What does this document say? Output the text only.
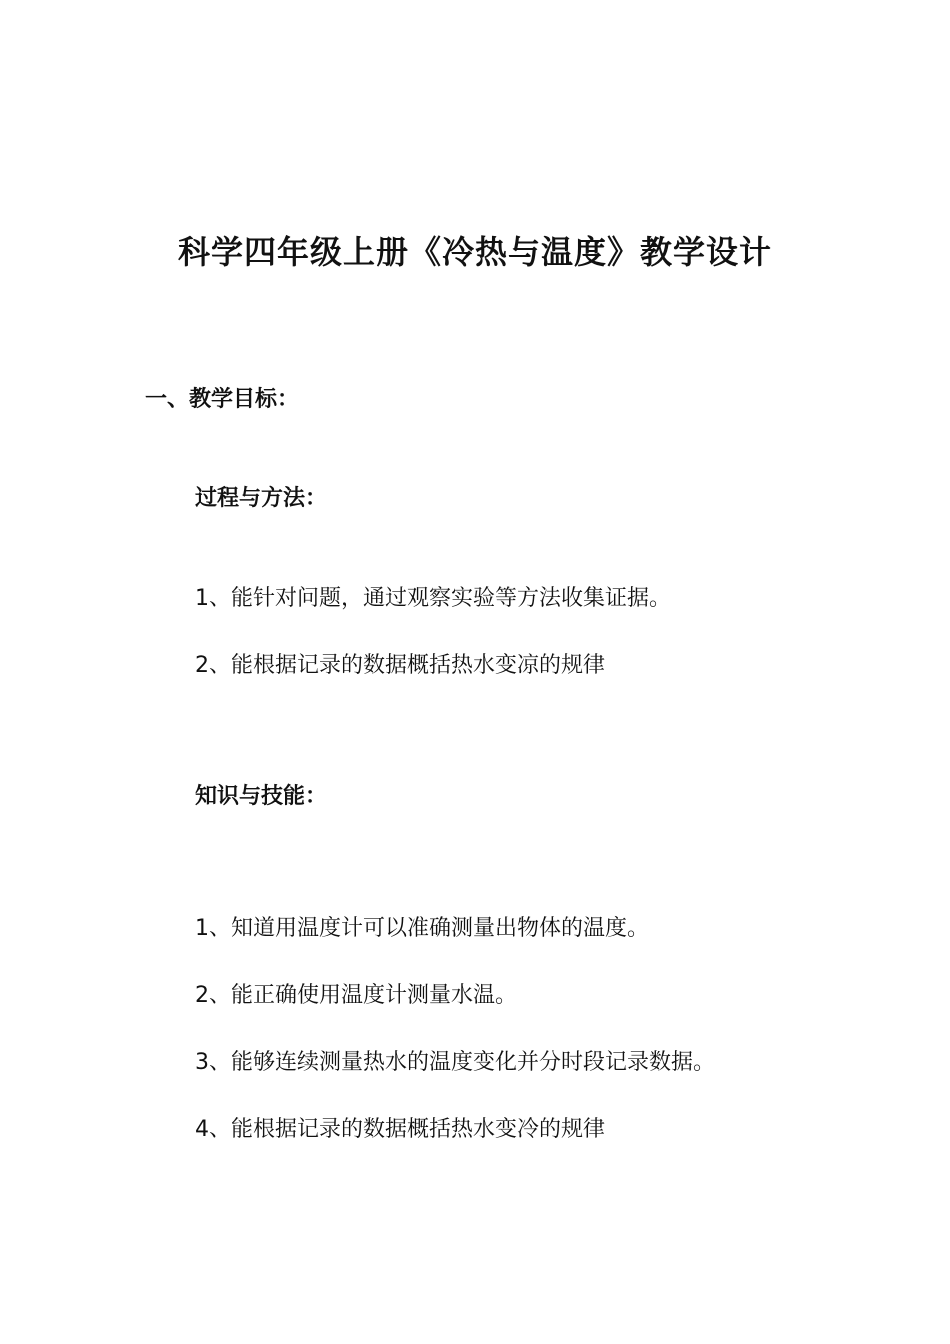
科学四年级上册《冷热与温度》教学设计
一、教学目标：
过程与方法：
1、能针对问题，通过观察实验等方法收集证据。
2、能根据记录的数据概括热水变凉的规律
知识与技能：
1、知道用温度计可以准确测量出物体的温度。
2、能正确使用温度计测量水温。
3、能够连续测量热水的温度变化并分时段记录数据。
4、能根据记录的数据概括热水变冷的规律
